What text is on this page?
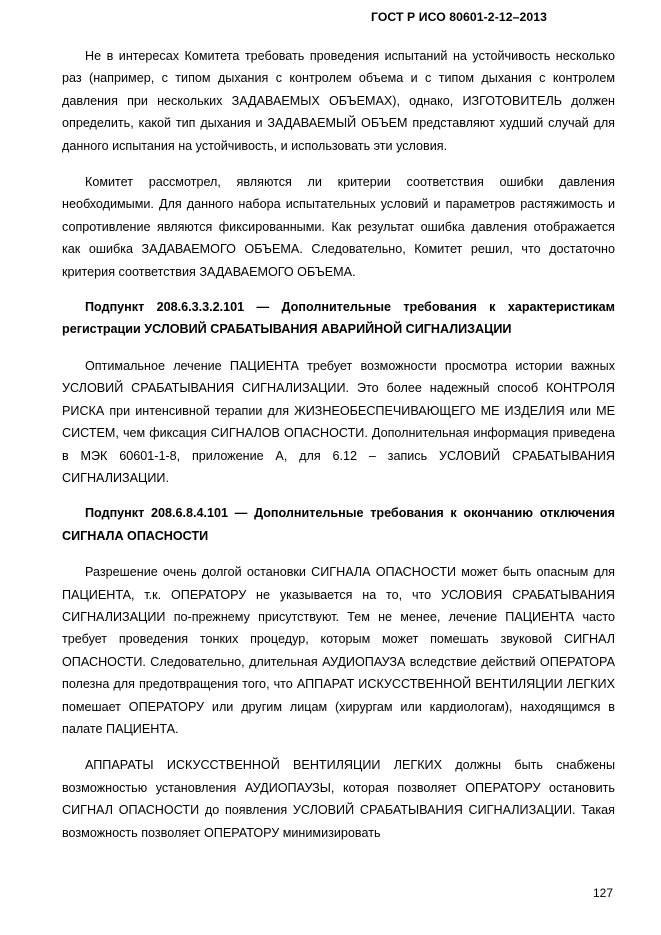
ГОСТ Р ИСО 80601-2-12–2013

Не в интересах Комитета требовать проведения испытаний на устойчивость несколько раз (например, с типом дыхания с контролем объема и с типом дыхания с контролем давления при нескольких ЗАДАВАЕМЫХ ОБЪЕМАХ), однако, ИЗГОТОВИТЕЛЬ должен определить, какой тип дыхания и ЗАДАВАЕМЫЙ ОБЪЕМ представляют худший случай для данного испытания на устойчивость, и использовать эти условия.

Комитет рассмотрел, являются ли критерии соответствия ошибки давления необходимыми. Для данного набора испытательных условий и параметров растяжимость и сопротивление являются фиксированными. Как результат ошибка давления отображается как ошибка ЗАДАВАЕМОГО ОБЪЕМА. Следовательно, Комитет решил, что достаточно критерия соответствия ЗАДАВАЕМОГО ОБЪЕМА.

Подпункт 208.6.3.3.2.101 — Дополнительные требования к характеристикам регистрации УСЛОВИЙ СРАБАТЫВАНИЯ АВАРИЙНОЙ СИГНАЛИЗАЦИИ

Оптимальное лечение ПАЦИЕНТА требует возможности просмотра истории важных УСЛОВИЙ СРАБАТЫВАНИЯ СИГНАЛИЗАЦИИ. Это более надежный способ КОНТРОЛЯ РИСКА при интенсивной терапии для ЖИЗНЕОБЕСПЕЧИВАЮЩЕГО МЕ ИЗДЕЛИЯ или МЕ СИСТЕМ, чем фиксация СИГНАЛОВ ОПАСНОСТИ. Дополнительная информация приведена в МЭК 60601-1-8, приложение А, для 6.12 – запись УСЛОВИЙ СРАБАТЫВАНИЯ СИГНАЛИЗАЦИИ.

Подпункт 208.6.8.4.101 — Дополнительные требования к окончанию отключения СИГНАЛА ОПАСНОСТИ

Разрешение очень долгой остановки СИГНАЛА ОПАСНОСТИ может быть опасным для ПАЦИЕНТА, т.к. ОПЕРАТОРУ не указывается на то, что УСЛОВИЯ СРАБАТЫВАНИЯ СИГНАЛИЗАЦИИ по-прежнему присутствуют. Тем не менее, лечение ПАЦИЕНТА часто требует проведения тонких процедур, которым может помешать звуковой СИГНАЛ ОПАСНОСТИ. Следовательно, длительная АУДИОПАУЗА вследствие действий ОПЕРАТОРА полезна для предотвращения того, что АППАРАТ ИСКУССТВЕННОЙ ВЕНТИЛЯЦИИ ЛЕГКИХ помешает ОПЕРАТОРУ или другим лицам (хирургам или кардиологам), находящимся в палате ПАЦИЕНТА.

АППАРАТЫ ИСКУССТВЕННОЙ ВЕНТИЛЯЦИИ ЛЕГКИХ должны быть снабжены возможностью установления АУДИОПАУЗЫ, которая позволяет ОПЕРАТОРУ остановить СИГНАЛ ОПАСНОСТИ до появления УСЛОВИЙ СРАБАТЫВАНИЯ СИГНАЛИЗАЦИИ. Такая возможность позволяет ОПЕРАТОРУ минимизировать

127
